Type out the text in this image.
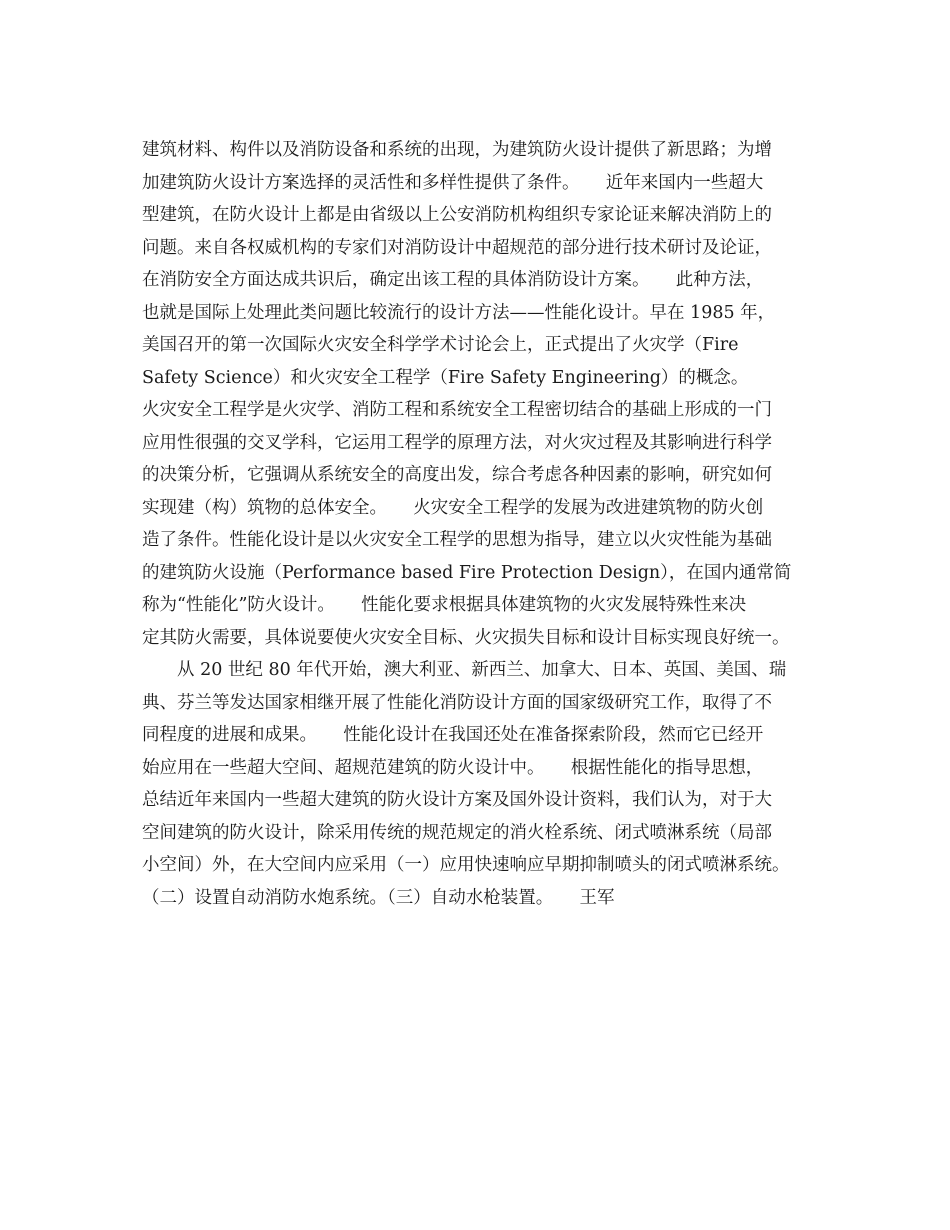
建筑材料、构件以及消防设备和系统的出现，为建筑防火设计提供了新思路；为增
加建筑防火设计方案选择的灵活性和多样性提供了条件。　　近年来国内一些超大
型建筑，在防火设计上都是由省级以上公安消防机构组织专家论证来解决消防上的
问题。来自各权威机构的专家们对消防设计中超规范的部分进行技术研讨及论证，
在消防安全方面达成共识后，确定出该工程的具体消防设计方案。　　此种方法，
也就是国际上处理此类问题比较流行的设计方法——性能化设计。早在 1985 年，
美国召开的第一次国际火灾安全科学学术讨论会上，正式提出了火灾学（Fire
Safety Science）和火灾安全工程学（Fire Safety Engineering）的概念。
火灾安全工程学是火灾学、消防工程和系统安全工程密切结合的基础上形成的一门
应用性很强的交叉学科，它运用工程学的原理方法，对火灾过程及其影响进行科学
的决策分析，它强调从系统安全的高度出发，综合考虑各种因素的影响，研究如何
实现建（构）筑物的总体安全。　　火灾安全工程学的发展为改进建筑物的防火创
造了条件。性能化设计是以火灾安全工程学的思想为指导，建立以火灾性能为基础
的建筑防火设施（Performance based Fire Protection Design），在国内通常简
称为“性能化”防火设计。　　性能化要求根据具体建筑物的火灾发展特殊性来决
定其防火需要，具体说要使火灾安全目标、火灾损失目标和设计目标实现良好统一。
从 20 世纪 80 年代开始，澳大利亚、新西兰、加拿大、日本、英国、美国、瑞
典、芬兰等发达国家相继开展了性能化消防设计方面的国家级研究工作，取得了不
同程度的进展和成果。　　性能化设计在我国还处在准备探索阶段，然而它已经开
始应用在一些超大空间、超规范建筑的防火设计中。　　根据性能化的指导思想，
总结近年来国内一些超大建筑的防火设计方案及国外设计资料，我们认为，对于大
空间建筑的防火设计，除采用传统的规范规定的消火栓系统、闭式喷淋系统（局部
小空间）外，在大空间内应采用（一）应用快速响应早期抑制喷头的闭式喷淋系统。
（二）设置自动消防水炮系统。（三）自动水枪装置。　　王军
